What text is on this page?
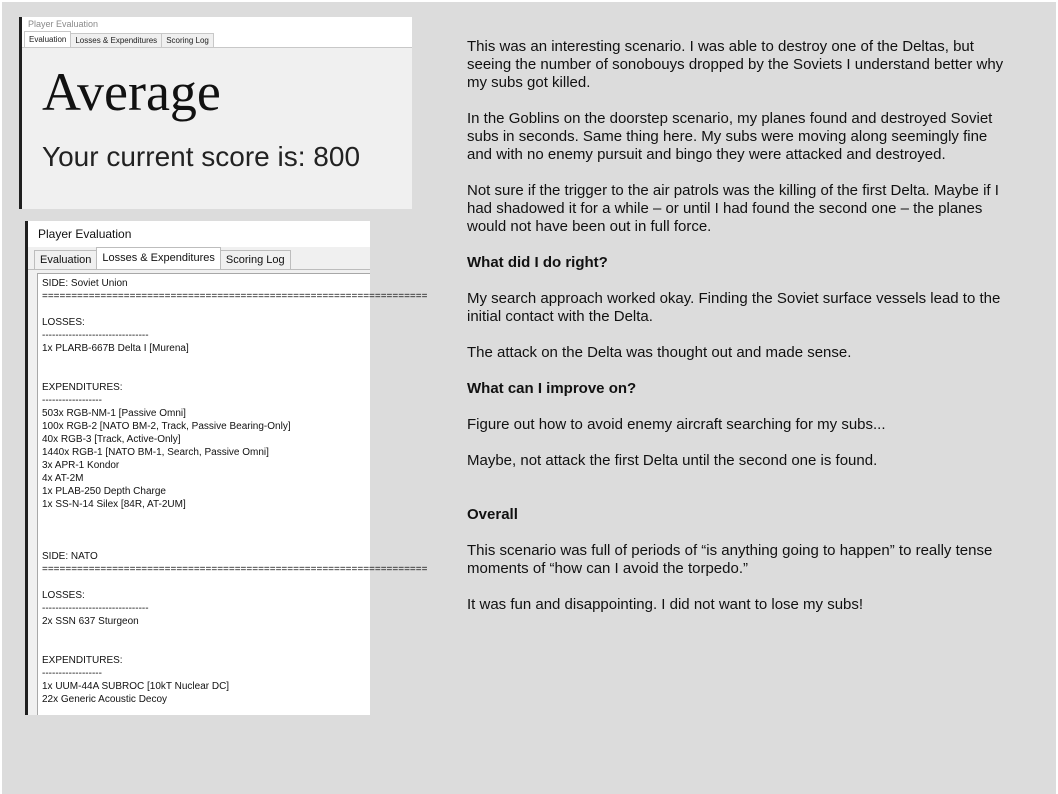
Player Evaluation
Evaluation	Losses & Expenditures	Scoring Log
Average
Your current score is: 800
Player Evaluation
Evaluation	Losses & Expenditures	Scoring Log
SIDE: Soviet Union
==================================================================
LOSSES:
--------------------------------
1x PLARB-667B Delta I [Murena]
EXPENDITURES:
------------------
503x RGB-NM-1 [Passive Omni]
100x RGB-2 [NATO BM-2, Track, Passive Bearing-Only]
40x RGB-3 [Track, Active-Only]
1440x RGB-1 [NATO BM-1, Search, Passive Omni]
3x APR-1 Kondor
4x AT-2M
1x PLAB-250 Depth Charge
1x SS-N-14 Silex [84R, AT-2UM]
SIDE: NATO
==================================================================
LOSSES:
--------------------------------
2x SSN 637 Sturgeon
EXPENDITURES:
------------------
1x UUM-44A SUBROC [10kT Nuclear DC]
22x Generic Acoustic Decoy

This was an interesting scenario. I was able to destroy one of the Deltas, but seeing the number of sonobouys dropped by the Soviets I understand better why my subs got killed.

In the Goblins on the doorstep scenario, my planes found and destroyed Soviet subs in seconds. Same thing here. My subs were moving along seemingly fine and with no enemy pursuit and bingo they were attacked and destroyed.

Not sure if the trigger to the air patrols was the killing of the first Delta. Maybe if I had shadowed it for a while – or until I had found the second one – the planes would not have been out in full force.

What did I do right?

My search approach worked okay. Finding the Soviet surface vessels lead to the initial contact with the Delta.

The attack on the Delta was thought out and made sense.

What can I improve on?

Figure out how to avoid enemy aircraft searching for my subs...

Maybe, not attack the first Delta until the second one is found.

Overall

This scenario was full of periods of “is anything going to happen” to really tense moments of “how can I avoid the torpedo.”

It was fun and disappointing. I did not want to lose my subs!
